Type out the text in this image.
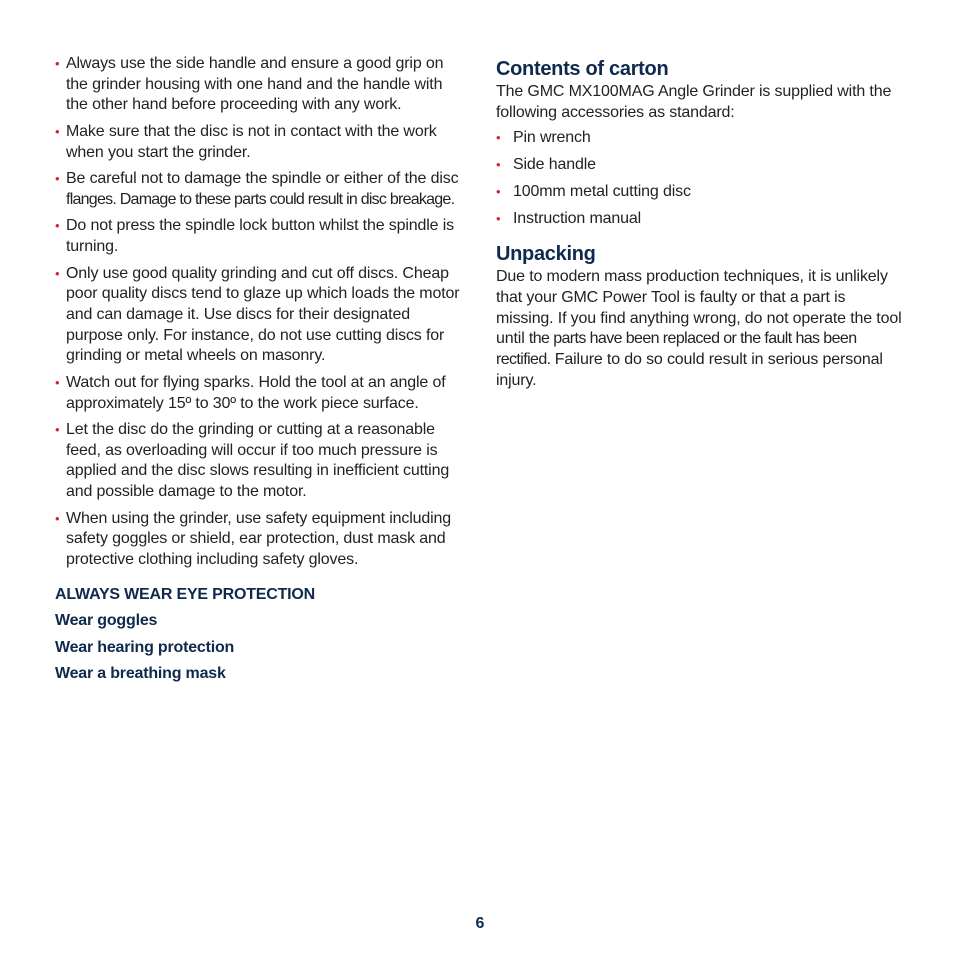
• Always use the side handle and ensure a good grip on the grinder housing with one hand and the handle with the other hand before proceeding with any work.
• Make sure that the disc is not in contact with the work when you start the grinder.
• Be careful not to damage the spindle or either of the disc flanges. Damage to these parts could result in disc breakage.
• Do not press the spindle lock button whilst the spindle is turning.
• Only use good quality grinding and cut off discs. Cheap poor quality discs tend to glaze up which loads the motor and can damage it. Use discs for their designated purpose only. For instance, do not use cutting discs for grinding or metal wheels on masonry.
• Watch out for flying sparks. Hold the tool at an angle of approximately 15º to 30º to the work piece surface.
• Let the disc do the grinding or cutting at a reasonable feed, as overloading will occur if too much pressure is applied and the disc slows resulting in inefficient cutting and possible damage to the motor.
• When using the grinder, use safety equipment including safety goggles or shield, ear protection, dust mask and protective clothing including safety gloves.
ALWAYS WEAR EYE PROTECTION
Wear goggles
Wear hearing protection
Wear a breathing mask
Contents of carton

The GMC MX100MAG Angle Grinder is supplied with the following accessories as standard:

• Pin wrench
• Side handle
• 100mm metal cutting disc
• Instruction manual
Unpacking

Due to modern mass production techniques, it is unlikely that your GMC Power Tool is faulty or that a part is missing. If you find anything wrong, do not operate the tool until the parts have been replaced or the fault has been rectified. Failure to do so could result in serious personal injury.

6
